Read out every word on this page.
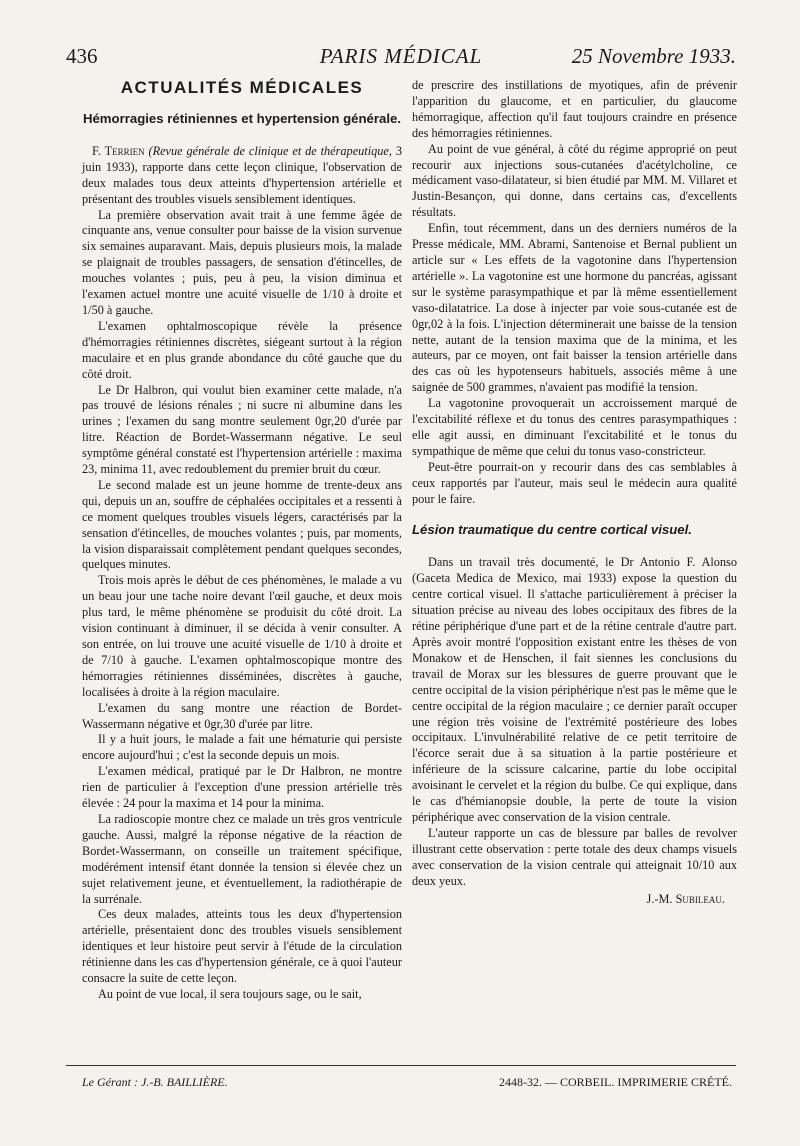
436	PARIS MÉDICAL	25 Novembre 1933.
ACTUALITÉS MÉDICALES
Hémorragies rétiniennes et hypertension générale.

F. Terrien (Revue générale de clinique et de thérapeutique, 3 juin 1933), rapporte dans cette leçon clinique, l'observation de deux malades tous deux atteints d'hypertension artérielle et présentant des troubles visuels sensiblement identiques.

La première observation avait trait à une femme âgée de cinquante ans, venue consulter pour baisse de la vision survenue six semaines auparavant. Mais, depuis plusieurs mois, la malade se plaignait de troubles passagers, de sensation d'étincelles, de mouches volantes ; puis, peu à peu, la vision diminua et l'examen actuel montre une acuité visuelle de 1/10 à droite et 1/50 à gauche.

L'examen ophtalmoscopique révèle la présence d'hémorragies rétiniennes discrètes, siégeant surtout à la région maculaire et en plus grande abondance du côté gauche que du côté droit.

Le Dr Halbron, qui voulut bien examiner cette malade, n'a pas trouvé de lésions rénales ; ni sucre ni albumine dans les urines ; l'examen du sang montre seulement 0gr,20 d'urée par litre. Réaction de Bordet-Wassermann négative. Le seul symptôme général constaté est l'hypertension artérielle : maxima 23, minima 11, avec redoublement du premier bruit du cœur.

Le second malade est un jeune homme de trente-deux ans qui, depuis un an, souffre de céphalées occipitales et a ressenti à ce moment quelques troubles visuels légers, caractérisés par la sensation d'étincelles, de mouches volantes ; puis, par moments, la vision disparaissait complètement pendant quelques secondes, quelques minutes.

Trois mois après le début de ces phénomènes, le malade a vu un beau jour une tache noire devant l'œil gauche, et deux mois plus tard, le même phénomène se produisit du côté droit. La vision continuant à diminuer, il se décida à venir consulter. A son entrée, on lui trouve une acuité visuelle de 1/10 à droite et de 7/10 à gauche. L'examen ophtalmoscopique montre des hémorragies rétiniennes disséminées, discrètes à gauche, localisées à droite à la région maculaire.

L'examen du sang montre une réaction de Bordet-Wassermann négative et 0gr,30 d'urée par litre.

Il y a huit jours, le malade a fait une hématurie qui persiste encore aujourd'hui ; c'est la seconde depuis un mois.

L'examen médical, pratiqué par le Dr Halbron, ne montre rien de particulier à l'exception d'une pression artérielle très élevée : 24 pour la maxima et 14 pour la minima.

La radioscopie montre chez ce malade un très gros ventricule gauche. Aussi, malgré la réponse négative de la réaction de Bordet-Wassermann, on conseille un traitement spécifique, modérément intensif étant donnée la tension si élevée chez un sujet relativement jeune, et éventuellement, la radiothérapie de la surrénale.

Ces deux malades, atteints tous les deux d'hypertension artérielle, présentaient donc des troubles visuels sensiblement identiques et leur histoire peut servir à l'étude de la circulation rétinienne dans les cas d'hypertension générale, ce à quoi l'auteur consacre la suite de cette leçon.

Au point de vue local, il sera toujours sage, ou le sait,

de prescrire des instillations de myotiques, afin de prévenir l'apparition du glaucome, et en particulier, du glaucome hémorragique, affection qu'il faut toujours craindre en présence des hémorragies rétiniennes.

Au point de vue général, à côté du régime approprié on peut recourir aux injections sous-cutanées d'acétylcholine, ce médicament vaso-dilatateur, si bien étudié par MM. M. Villaret et Justin-Besançon, qui donne, dans certains cas, d'excellents résultats.

Enfin, tout récemment, dans un des derniers numéros de la Presse médicale, MM. Abrami, Santenoise et Bernal publient un article sur « Les effets de la vagotonine dans l'hypertension artérielle ». La vagotonine est une hormone du pancréas, agissant sur le système parasympathique et par là même essentiellement vaso-dilatatrice. La dose à injecter par voie sous-cutanée est de 0gr,02 à la fois. L'injection déterminerait une baisse de la tension nette, autant de la tension maxima que de la minima, et les auteurs, par ce moyen, ont fait baisser la tension artérielle dans des cas où les hypotenseurs habituels, associés même à une saignée de 500 grammes, n'avaient pas modifié la tension.

La vagotonine provoquerait un accroissement marqué de l'excitabilité réflexe et du tonus des centres parasympathiques : elle agit aussi, en diminuant l'excitabilité et le tonus du sympathique de même que celui du tonus vaso-constricteur.

Peut-être pourrait-on y recourir dans des cas semblables à ceux rapportés par l'auteur, mais seul le médecin aura qualité pour le faire.

Lésion traumatique du centre cortical visuel.

Dans un travail très documenté, le Dr Antonio F. Alonso (Gaceta Medica de Mexico, mai 1933) expose la question du centre cortical visuel. Il s'attache particulièrement à préciser la situation précise au niveau des lobes occipitaux des fibres de la rétine périphérique d'une part et de la rétine centrale d'autre part. Après avoir montré l'opposition existant entre les thèses de von Monakow et de Henschen, il fait siennes les conclusions du travail de Morax sur les blessures de guerre prouvant que le centre occipital de la vision périphérique n'est pas le même que le centre occipital de la région maculaire ; ce dernier paraît occuper une région très voisine de l'extrémité postérieure des lobes occipitaux. L'invulnérabilité relative de ce petit territoire de l'écorce serait due à sa situation à la partie postérieure et inférieure de la scissure calcarine, partie du lobe occipital avoisinant le cervelet et la région du bulbe. Ce qui explique, dans le cas d'hémianopsie double, la perte de toute la vision périphérique avec conservation de la vision centrale.

L'auteur rapporte un cas de blessure par balles de revolver illustrant cette observation : perte totale des deux champs visuels avec conservation de la vision centrale qui atteignait 10/10 aux deux yeux.

J.-M. Subileau.
Le Gérant : J.-B. BAILLIÈRE.	2448-32. — CORBEIL. IMPRIMERIE CRÉTÉ.
